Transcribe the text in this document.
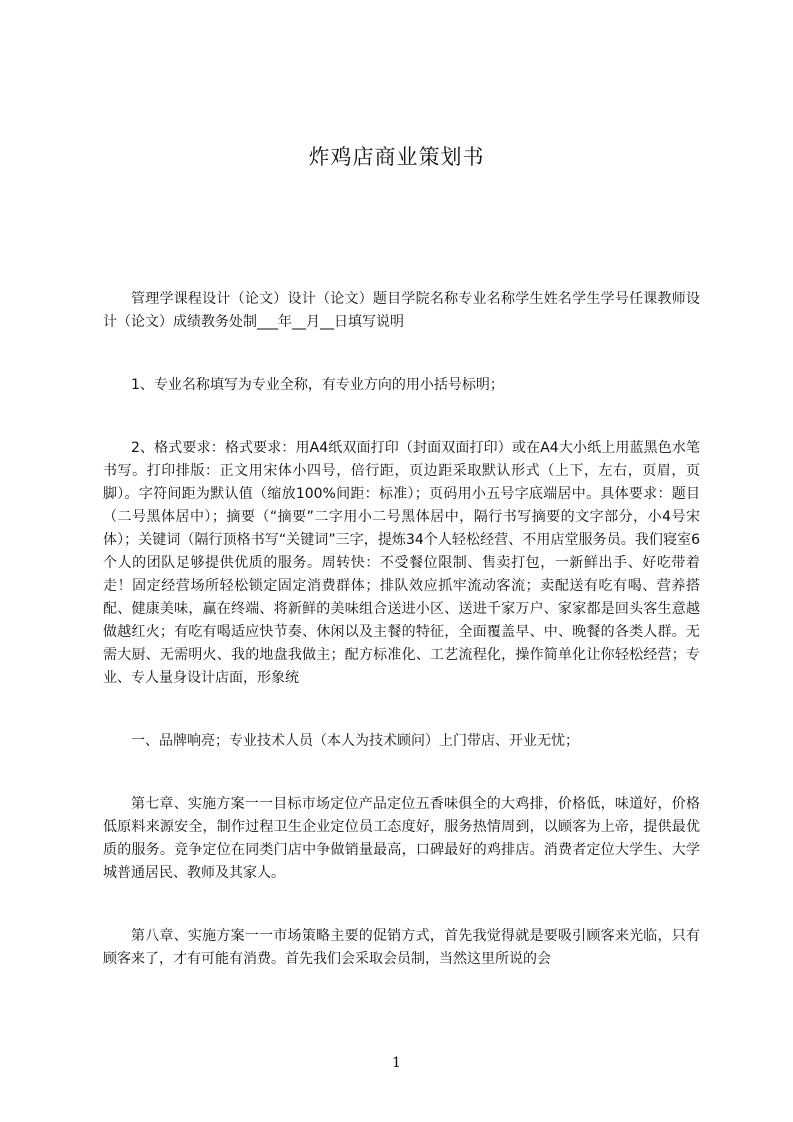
炸鸡店商业策划书

管理学课程设计（论文）设计（论文）题目学院名称专业名称学生姓名学生学号任课教师设计（论文）成绩教务处制___年__月__日填写说明

1、专业名称填写为专业全称，有专业方向的用小括号标明；

2、格式要求：格式要求：用A4纸双面打印（封面双面打印）或在A4大小纸上用蓝黑色水笔书写。打印排版：正文用宋体小四号，倍行距，页边距采取默认形式（上下，左右，页眉，页脚）。字符间距为默认值（缩放100%间距：标准）；页码用小五号字底端居中。具体要求：题目（二号黑体居中）；摘要（“摘要”二字用小二号黑体居中，隔行书写摘要的文字部分，小4号宋体）；关键词（隔行顶格书写“关键词”三字，提炼34个人轻松经营、不用店堂服务员。我们寝室6个人的团队足够提供优质的服务。周转快：不受餐位限制、售卖打包，一新鲜出手、好吃带着走！固定经营场所轻松锁定固定消费群体；排队效应抓牢流动客流；卖配送有吃有喝、营养搭配、健康美味，赢在终端、将新鲜的美味组合送进小区、送进千家万户、家家都是回头客生意越做越红火；有吃有喝适应快节奏、休闲以及主餐的特征，全面覆盖早、中、晚餐的各类人群。无需大厨、无需明火、我的地盘我做主；配方标准化、工艺流程化，操作简单化让你轻松经营；专业、专人量身设计店面，形象统

一、品牌响亮；专业技术人员（本人为技术顾问）上门带店、开业无忧；

第七章、实施方案一一目标市场定位产品定位五香味俱全的大鸡排，价格低，味道好，价格低原料来源安全，制作过程卫生企业定位员工态度好，服务热情周到，以顾客为上帝，提供最优质的服务。竞争定位在同类门店中争做销量最高，口碑最好的鸡排店。消费者定位大学生、大学城普通居民、教师及其家人。

第八章、实施方案一一市场策略主要的促销方式，首先我觉得就是要吸引顾客来光临，只有顾客来了，才有可能有消费。首先我们会采取会员制，当然这里所说的会

1
